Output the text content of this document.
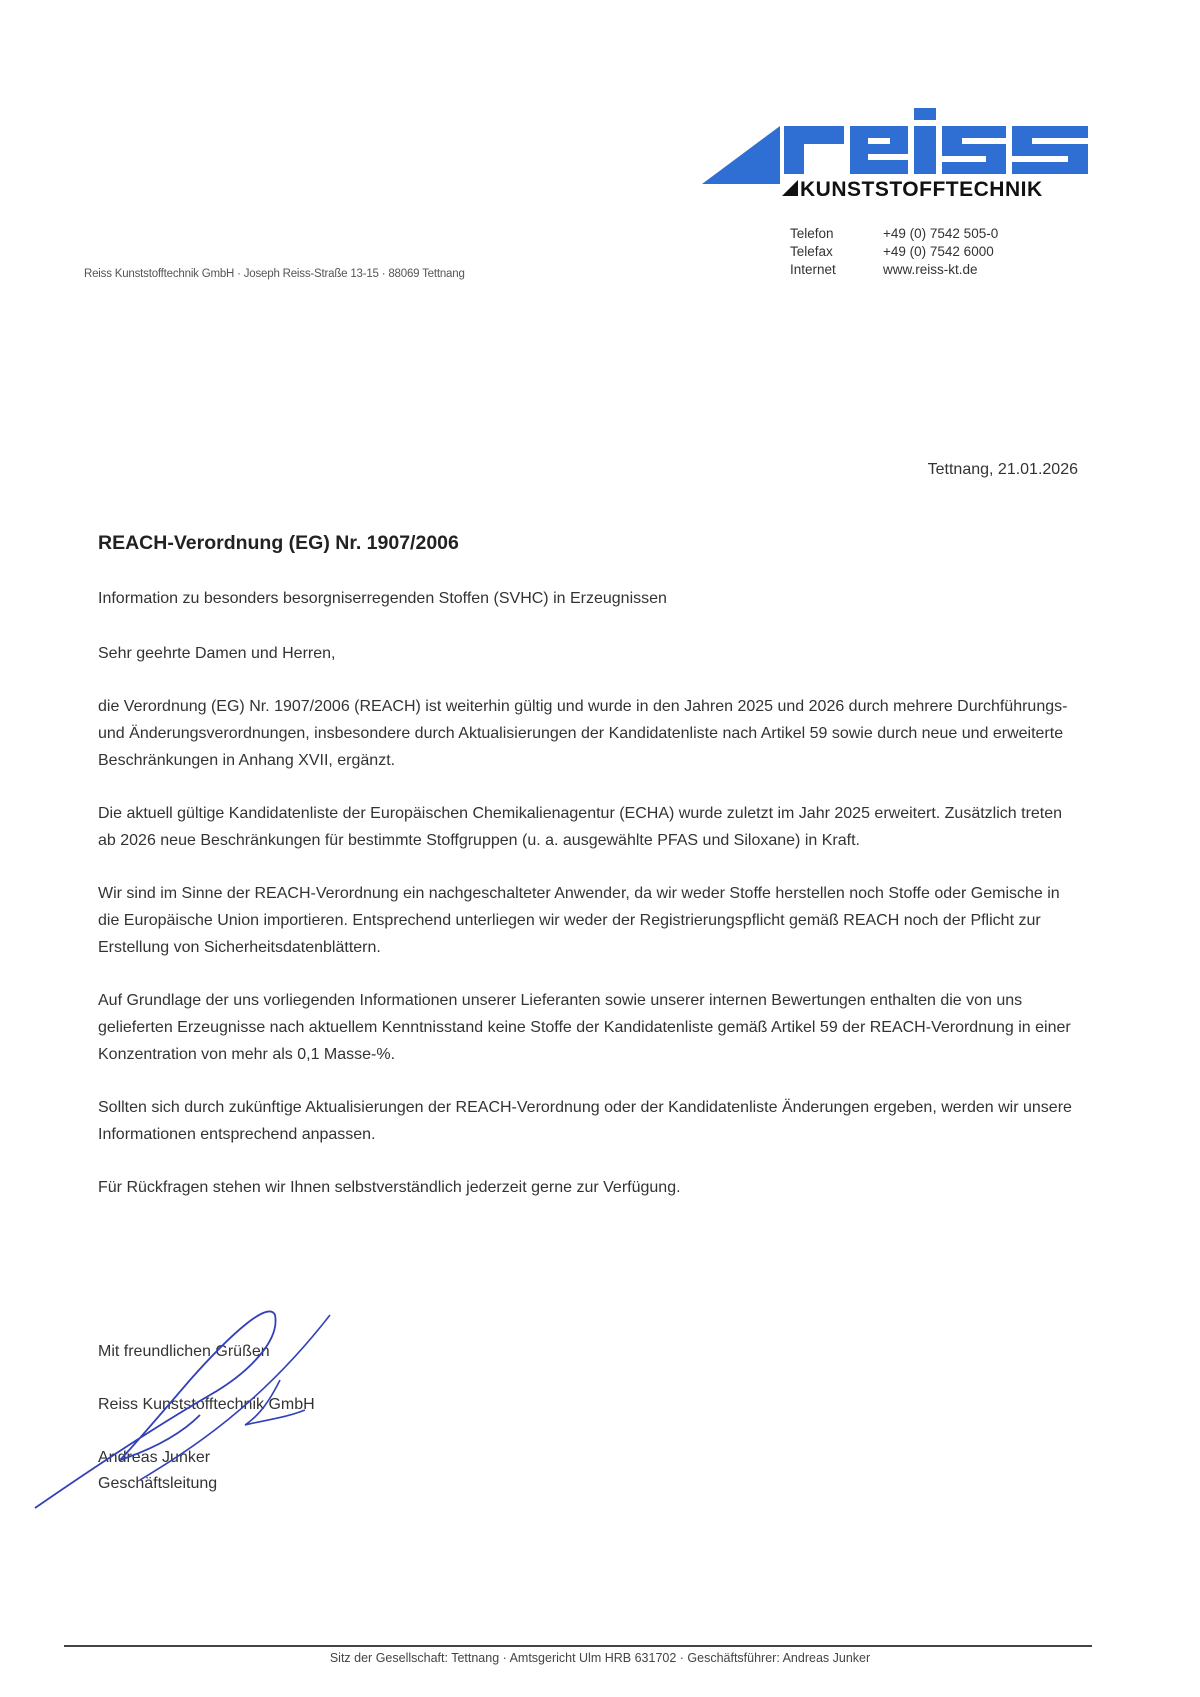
KUNSTSTOFFTECHNIK
Telefon	+49 (0) 7542 505-0
Telefax	+49 (0) 7542 6000
Internet	www.reiss-kt.de
Reiss Kunststofftechnik GmbH · Joseph Reiss-Straße 13-15 · 88069 Tettnang
Tettnang, 21.01.2026
REACH-Verordnung (EG) Nr. 1907/2006
Information zu besonders besorgniserregenden Stoffen (SVHC) in Erzeugnissen

Sehr geehrte Damen und Herren,

die Verordnung (EG) Nr. 1907/2006 (REACH) ist weiterhin gültig und wurde in den Jahren 2025 und 2026 durch mehrere Durchführungs- und Änderungsverordnungen, insbesondere durch Aktualisierungen der Kandidatenliste nach Artikel 59 sowie durch neue und erweiterte Beschränkungen in Anhang XVII, ergänzt.

Die aktuell gültige Kandidatenliste der Europäischen Chemikalienagentur (ECHA) wurde zuletzt im Jahr 2025 erweitert. Zusätzlich treten ab 2026 neue Beschränkungen für bestimmte Stoffgruppen (u. a. ausgewählte PFAS und Siloxane) in Kraft.

Wir sind im Sinne der REACH-Verordnung ein nachgeschalteter Anwender, da wir weder Stoffe herstellen noch Stoffe oder Gemische in die Europäische Union importieren. Entsprechend unterliegen wir weder der Registrierungspflicht gemäß REACH noch der Pflicht zur Erstellung von Sicherheitsdatenblättern.

Auf Grundlage der uns vorliegenden Informationen unserer Lieferanten sowie unserer internen Bewertungen enthalten die von uns gelieferten Erzeugnisse nach aktuellem Kenntnisstand keine Stoffe der Kandidatenliste gemäß Artikel 59 der REACH-Verordnung in einer Konzentration von mehr als 0,1 Masse-%.

Sollten sich durch zukünftige Aktualisierungen der REACH-Verordnung oder der Kandidatenliste Änderungen ergeben, werden wir unsere Informationen entsprechend anpassen.

Für Rückfragen stehen wir Ihnen selbstverständlich jederzeit gerne zur Verfügung.

Mit freundlichen Grüßen
Reiss Kunststofftechnik GmbH
Andreas Junker
Geschäftsleitung
Sitz der Gesellschaft: Tettnang · Amtsgericht Ulm HRB 631702 · Geschäftsführer: Andreas Junker
